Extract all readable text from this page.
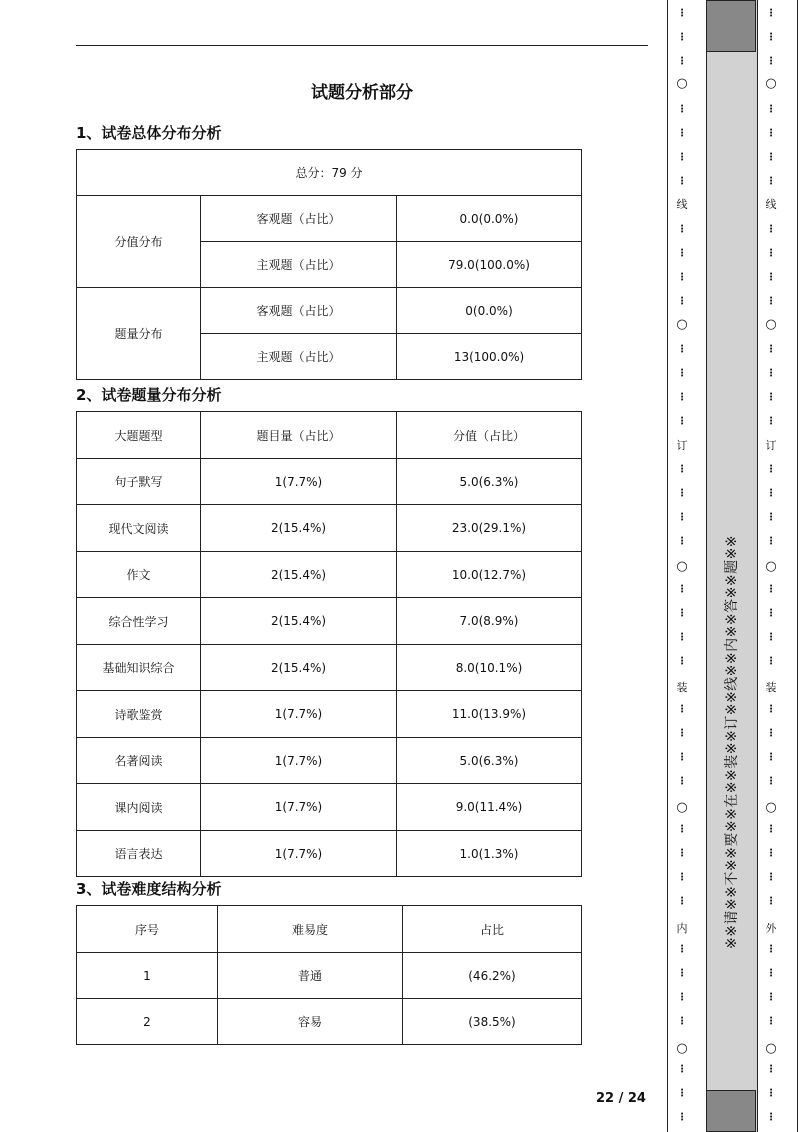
试题分析部分
1、试卷总体分布分析
总分：79 分		
分值分布	客观题（占比）	0.0(0.0%)
	主观题（占比）	79.0(100.0%)
题量分布	客观题（占比）	0(0.0%)
	主观题（占比）	13(100.0%)
2、试卷题量分布分析
大题题型	题目量（占比）	分值（占比）
句子默写	1(7.7%)	5.0(6.3%)
现代文阅读	2(15.4%)	23.0(29.1%)
作文	2(15.4%)	10.0(12.7%)
综合性学习	2(15.4%)	7.0(8.9%)
基础知识综合	2(15.4%)	8.0(10.1%)
诗歌鉴赏	1(7.7%)	11.0(13.9%)
名著阅读	1(7.7%)	5.0(6.3%)
课内阅读	1(7.7%)	9.0(11.4%)
语言表达	1(7.7%)	1.0(1.3%)
3、试卷难度结构分析
序号	难易度	占比
1	普通	(46.2%)
2	容易	(38.5%)
22 / 24
※※请※※不※※要※※在※※装※※订※※线※※内※※答※※题※※
○
○
○
○
○
线
订
装
内
⋮
⋮
⋮
⋮
⋮
⋮
⋮
⋮
⋮
⋮
⋮
⋮
⋮
⋮
⋮
⋮
⋮
⋮
⋮
⋮
⋮
⋮
⋮
⋮
⋮
⋮
⋮
⋮
⋮
⋮
⋮
⋮
⋮
⋮
⋮
⋮
⋮
⋮
○
○
○
○
○
线
订
装
外
⋮
⋮
⋮
⋮
⋮
⋮
⋮
⋮
⋮
⋮
⋮
⋮
⋮
⋮
⋮
⋮
⋮
⋮
⋮
⋮
⋮
⋮
⋮
⋮
⋮
⋮
⋮
⋮
⋮
⋮
⋮
⋮
⋮
⋮
⋮
⋮
⋮
⋮
